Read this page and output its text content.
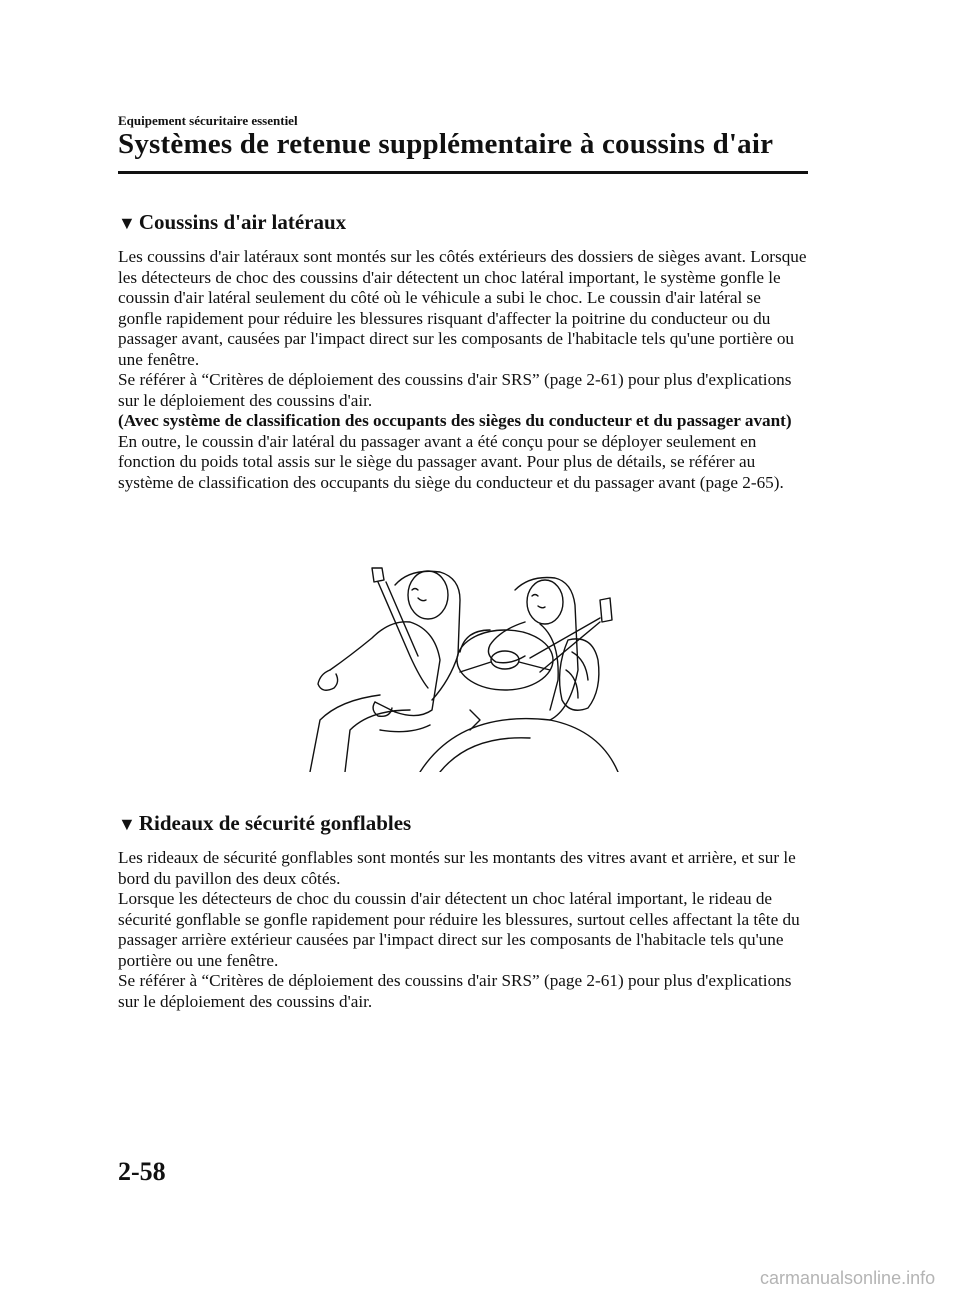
Equipement sécuritaire essentiel
Systèmes de retenue supplémentaire à coussins d'air
▼ Coussins d'air latéraux

Les coussins d'air latéraux sont montés sur les côtés extérieurs des dossiers de sièges avant. Lorsque les détecteurs de choc des coussins d'air détectent un choc latéral important, le système gonfle le coussin d'air latéral seulement du côté où le véhicule a subi le choc. Le coussin d'air latéral se gonfle rapidement pour réduire les blessures risquant d'affecter la poitrine du conducteur ou du passager avant, causées par l'impact direct sur les composants de l'habitacle tels qu'une portière ou une fenêtre.

Se référer à “Critères de déploiement des coussins d'air SRS” (page 2-61) pour plus d'explications sur le déploiement des coussins d'air.

(Avec système de classification des occupants des sièges du conducteur et du passager avant)

En outre, le coussin d'air latéral du passager avant a été conçu pour se déployer seulement en fonction du poids total assis sur le siège du passager avant. Pour plus de détails, se référer au système de classification des occupants du siège du conducteur et du passager avant (page 2-65).

▼ Rideaux de sécurité gonflables

Les rideaux de sécurité gonflables sont montés sur les montants des vitres avant et arrière, et sur le bord du pavillon des deux côtés.

Lorsque les détecteurs de choc du coussin d'air détectent un choc latéral important, le rideau de sécurité gonflable se gonfle rapidement pour réduire les blessures, surtout celles affectant la tête du passager arrière extérieur causées par l'impact direct sur les composants de l'habitacle tels qu'une portière ou une fenêtre.

Se référer à “Critères de déploiement des coussins d'air SRS” (page 2-61) pour plus d'explications sur le déploiement des coussins d'air.

2-58
carmanualsonline.info
